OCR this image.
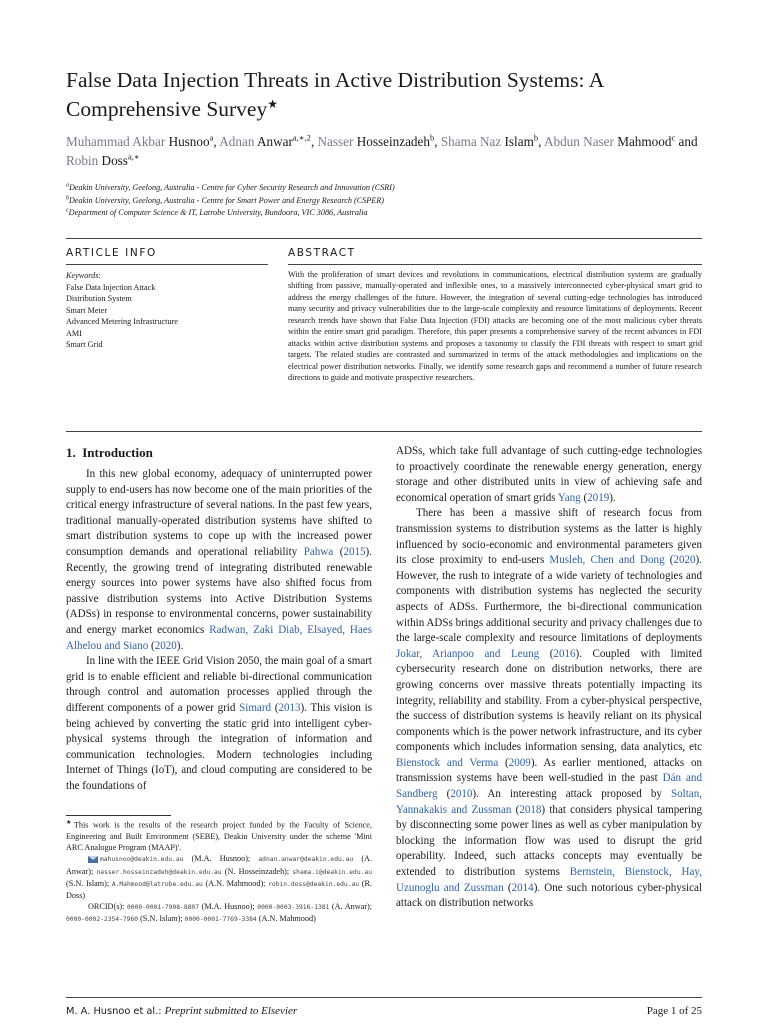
False Data Injection Threats in Active Distribution Systems: A Comprehensive Survey★
Muhammad Akbar Husnoo$^a$, Adnan Anwar$^{a,∗,2}$, Nasser Hosseinzadeh$^b$, Shama Naz Islam$^b$, Abdun Naser Mahmood$^c$ and Robin Doss$^{a,∗}$
$^a$Deakin University, Geelong, Australia - Centre for Cyber Security Research and Innovation (CSRI)
$^b$Deakin University, Geelong, Australia - Centre for Smart Power and Energy Research (CSPER)
$^c$Department of Computer Science & IT, Latrobe University, Bundoora, VIC 3086, Australia
ARTICLE INFO	ABSTRACT
Keywords:
False Data Injection Attack
Distribution System
Smart Meter
Advanced Metering Infrastructure
AMI
Smart Grid
With the proliferation of smart devices and revolutions in communications, electrical distribution systems are gradually shifting from passive, manually-operated and inflexible ones, to a massively interconnected cyber-physical smart grid to address the energy challenges of the future. However, the integration of several cutting-edge technologies has introduced many security and privacy vulnerabilities due to the large-scale complexity and resource limitations of deployments. Recent research trends have shown that False Data Injection (FDI) attacks are becoming one of the most malicious cyber threats within the entire smart grid paradigm. Therefore, this paper presents a comprehensive survey of the recent advances in FDI attacks within active distribution systems and proposes a taxonomy to classify the FDI threats with respect to smart grid targets. The related studies are contrasted and summarized in terms of the attack methodologies and implications on the electrical power distribution networks. Finally, we identify some research gaps and recommend a number of future research directions to guide and motivate prospective researchers.
1. Introduction

In this new global economy, adequacy of uninterrupted power supply to end-users has now become one of the main priorities of the critical energy infrastructure of several nations. In the past few years, traditional manually-operated distribution systems have shifted to smart distribution systems to cope up with the increased power consumption demands and operational reliability Pahwa (2015). Recently, the growing trend of integrating distributed renewable energy sources into power systems have also shifted focus from passive distribution systems into Active Distribution Systems (ADSs) in response to environmental concerns, power sustainability and energy market economics Radwan, Zaki Diab, Elsayed, Haes Alhelou and Siano (2020).

In line with the IEEE Grid Vision 2050, the main goal of a smart grid is to enable efficient and reliable bi-directional communication through control and automation processes applied through the different components of a power grid Simard (2013). This vision is being achieved by converting the static grid into intelligent cyber-physical systems through the integration of information and communication technologies. Modern technologies including Internet of Things (IoT), and cloud computing are considered to be the foundations of

ADSs, which take full advantage of such cutting-edge technologies to proactively coordinate the renewable energy generation, energy storage and other distributed units in view of achieving safe and economical operation of smart grids Yang (2019).

There has been a massive shift of research focus from transmission systems to distribution systems as the latter is highly influenced by socio-economic and environmental parameters given its close proximity to end-users Musleh, Chen and Dong (2020). However, the rush to integrate of a wide variety of technologies and components with distribution systems has neglected the security aspects of ADSs. Furthermore, the bi-directional communication within ADSs brings additional security and privacy challenges due to the large-scale complexity and resource limitations of deployments Jokar, Arianpoo and Leung (2016). Coupled with limited cybersecurity research done on distribution networks, there are growing concerns over massive threats potentially impacting its integrity, reliability and stability. From a cyber-physical perspective, the success of distribution systems is heavily reliant on its physical components which is the power network infrastructure, and its cyber components which includes information sensing, data analytics, etc Bienstock and Verma (2009). As earlier mentioned, attacks on transmission systems have been well-studied in the past Dán and Sandberg (2010). An interesting attack proposed by Soltan, Yannakakis and Zussman (2018) that considers physical tampering by disconnecting some power lines as well as cyber manipulation by blocking the information flow was used to disrupt the grid operability. Indeed, such attacks concepts may eventually be extended to distribution systems Bernstein, Bienstock, Hay, Uzunoglu and Zussman (2014). One such notorious cyber-physical attack on distribution networks

★This work is the results of the research project funded by the Faculty of Science, Engineering and Built Environment (SEBE), Deakin University under the scheme 'Mini ARC Analogue Program (MAAP)'.

mahusnoo@deakin.edu.au (M.A. Husnoo); adnan.anwar@deakin.edu.au (A. Anwar); nasser.hosseinzadeh@deakin.edu.au (N. Hosseinzadeh); shama.i@deakin.edu.au (S.N. Islam); A.Mahmood@latrobe.edu.au (A.N. Mahmood); robin.doss@deakin.edu.au (R. Doss)

ORCID(s): 0000-0001-7908-8807 (M.A. Husnoo); 0000-0003-3916-1381 (A. Anwar); 0000-0002-2354-7960 (S.N. Islam); 0000-0001-7769-3384 (A.N. Mahmood)

M. A. Husnoo et al.: Preprint submitted to Elsevier	Page 1 of 25
